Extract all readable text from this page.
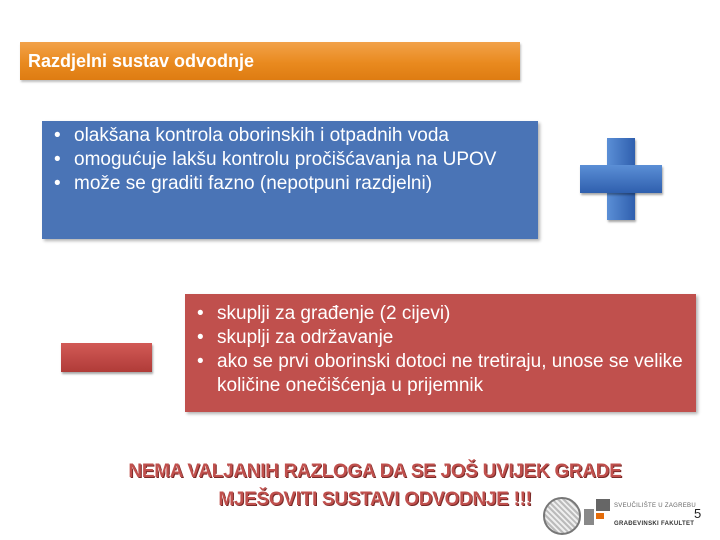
Razdjelni sustav odvodnje
• olakšana kontrola oborinskih i otpadnih voda
• omogućuje lakšu kontrolu pročišćavanja na UPOV
• može se graditi fazno (nepotpuni razdjelni)
• skuplji za građenje (2 cijevi)
• skuplji za održavanje
• ako se prvi oborinski dotoci ne tretiraju, unose se velike količine onečišćenja u prijemnik
NEMA VALJANIH RAZLOGA DA SE JOŠ UVIJEK GRADE
MJEŠOVITI SUSTAVI ODVODNJE !!!	SVEUČILIŠTE U ZAGREBU
GRAĐEVINSKI FAKULTET
5
